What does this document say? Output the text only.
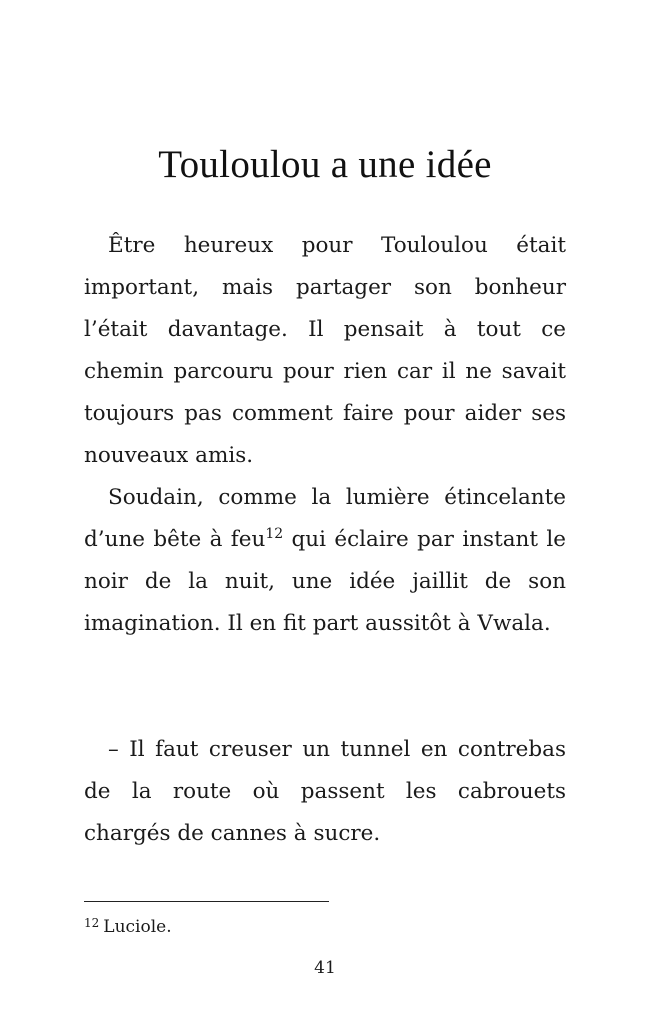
Touloulou a une idée

Être heureux pour Touloulou était important, mais partager son bonheur l’était davantage. Il pensait à tout ce chemin parcouru pour rien car il ne savait toujours pas comment faire pour aider ses nouveaux amis.

Soudain, comme la lumière étincelante d’une bête à feu$^{12}$ qui éclaire par instant le noir de la nuit, une idée jaillit de son imagination. Il en fit part aussitôt à Vwala.

– Il faut creuser un tunnel en contrebas de la route où passent les cabrouets chargés de cannes à sucre.

$^{12}$ Luciole.
41
